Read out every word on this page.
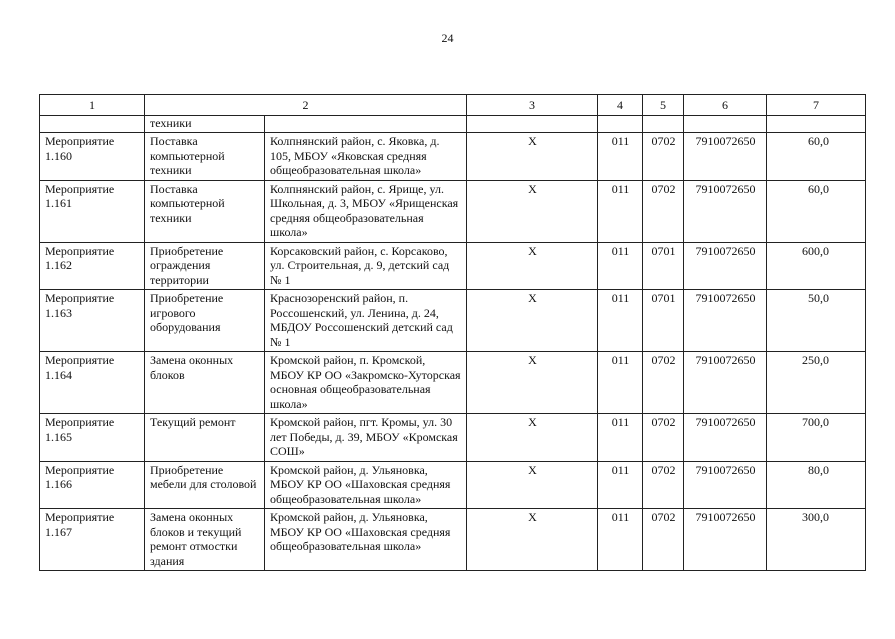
24
1	2		3	4	5	6	7
	техники						
Мероприятие 1.160	Поставка компьютерной техники	Колпнянский район, с. Яковка, д. 105, МБОУ «Яковская средняя общеобразовательная школа»	X	011	0702	7910072650	60,0
Мероприятие 1.161	Поставка компьютерной техники	Колпнянский район, с. Ярище, ул. Школьная, д. 3, МБОУ «Ярищенская средняя общеобразовательная школа»	X	011	0702	7910072650	60,0
Мероприятие 1.162	Приобретение ограждения территории	Корсаковский район, с. Корсаково, ул. Строительная, д. 9, детский сад № 1	X	011	0701	7910072650	600,0
Мероприятие 1.163	Приобретение игрового оборудования	Краснозоренский район, п. Россошенский, ул. Ленина, д. 24, МБДОУ Россошенский детский сад № 1	X	011	0701	7910072650	50,0
Мероприятие 1.164	Замена оконных блоков	Кромской район, п. Кромской, МБОУ КР ОО «Закромско-Хуторская основная общеобразовательная школа»	X	011	0702	7910072650	250,0
Мероприятие 1.165	Текущий ремонт	Кромской район, пгт. Кромы, ул. 30 лет Победы, д. 39, МБОУ «Кромская СОШ»	X	011	0702	7910072650	700,0
Мероприятие 1.166	Приобретение мебели для столовой	Кромской район, д. Ульяновка, МБОУ КР ОО «Шаховская средняя общеобразовательная школа»	X	011	0702	7910072650	80,0
Мероприятие 1.167	Замена оконных блоков и текущий ремонт отмостки здания	Кромской район, д. Ульяновка, МБОУ КР ОО «Шаховская средняя общеобразовательная школа»	X	011	0702	7910072650	300,0
